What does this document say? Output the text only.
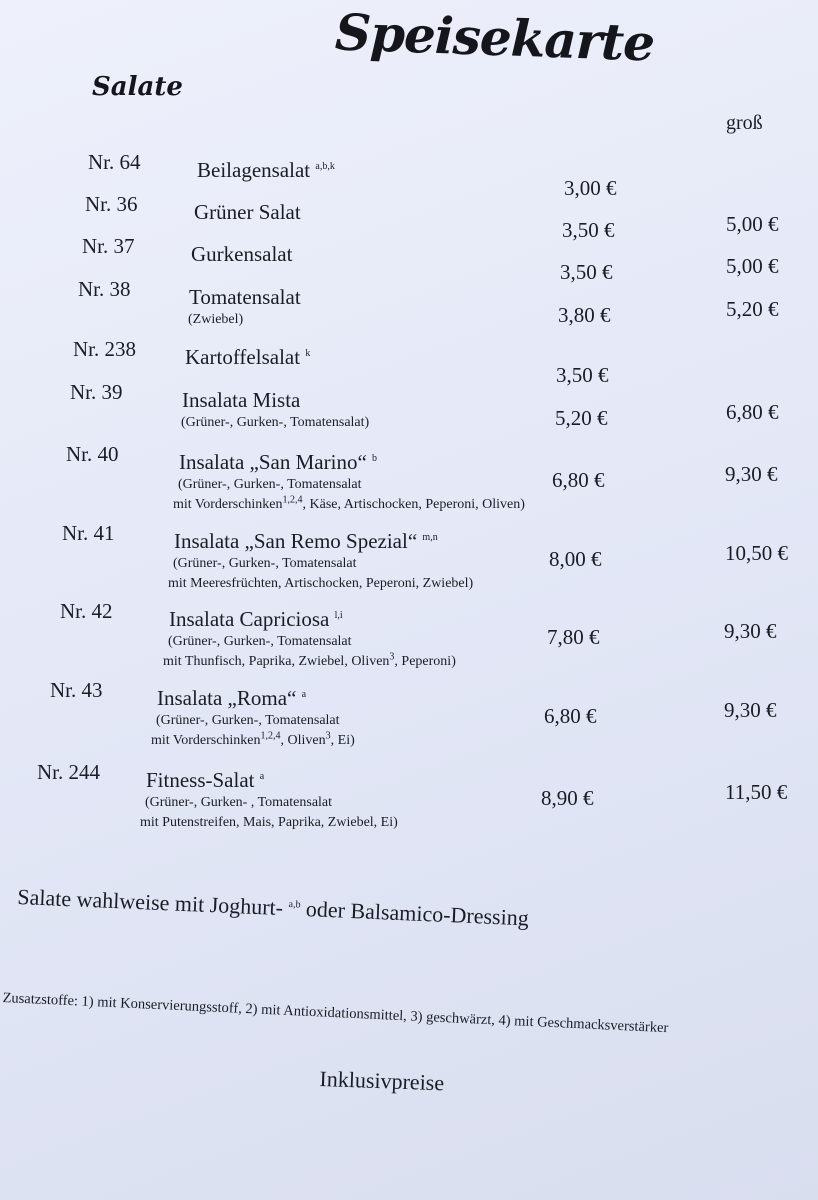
Speisekarte
Salate
groß
Nr. 64	Beilagensalat $^{a,b,k}$
3,00 €
Nr. 36	Grüner Salat
3,50 €	5,00 €
Nr. 37	Gurkensalat
3,50 €	5,00 €
Nr. 38	Tomatensalat
(Zwiebel)	3,80 €	5,20 €
Nr. 238 Kartoffelsalat $^k$
3,50 €
Nr. 39	Insalata Mista
(Grüner-, Gurken-, Tomatensalat)	5,20 €	6,80 €
Nr. 40	Insalata „San Marino“ $^b$
(Grüner-, Gurken-, Tomatensalat
mit Vorderschinken$^{1,2,4}$, Käse, Artischocken, Peperoni, Oliven)
6,80 €	9,30 €
Nr. 41	Insalata „San Remo Spezial“ $^{m,n}$
(Grüner-, Gurken-, Tomatensalat
mit Meeresfrüchten, Artischocken, Peperoni, Zwiebel)
8,00 €	10,50 €
Nr. 42	Insalata Capriciosa $^{l,i}$
(Grüner-, Gurken-, Tomatensalat
mit Thunfisch, Paprika, Zwiebel, Oliven$^3$, Peperoni)
7,80 €	9,30 €
Nr. 43	Insalata „Roma“ $^a$
(Grüner-, Gurken-, Tomatensalat
mit Vorderschinken$^{1,2,4}$, Oliven$^3$, Ei)
6,80 €	9,30 €
Nr. 244 Fitness-Salat $^a$
(Grüner-, Gurken- , Tomatensalat
mit Putenstreifen, Mais, Paprika, Zwiebel, Ei)
8,90 €	11,50 €
Salate wahlweise mit Joghurt- $^{a,b}$ oder Balsamico-Dressing
Zusatzstoffe: 1) mit Konservierungsstoff, 2) mit Antioxidationsmittel, 3) geschwärzt, 4) mit Geschmacksverstärker
Inklusivpreise
